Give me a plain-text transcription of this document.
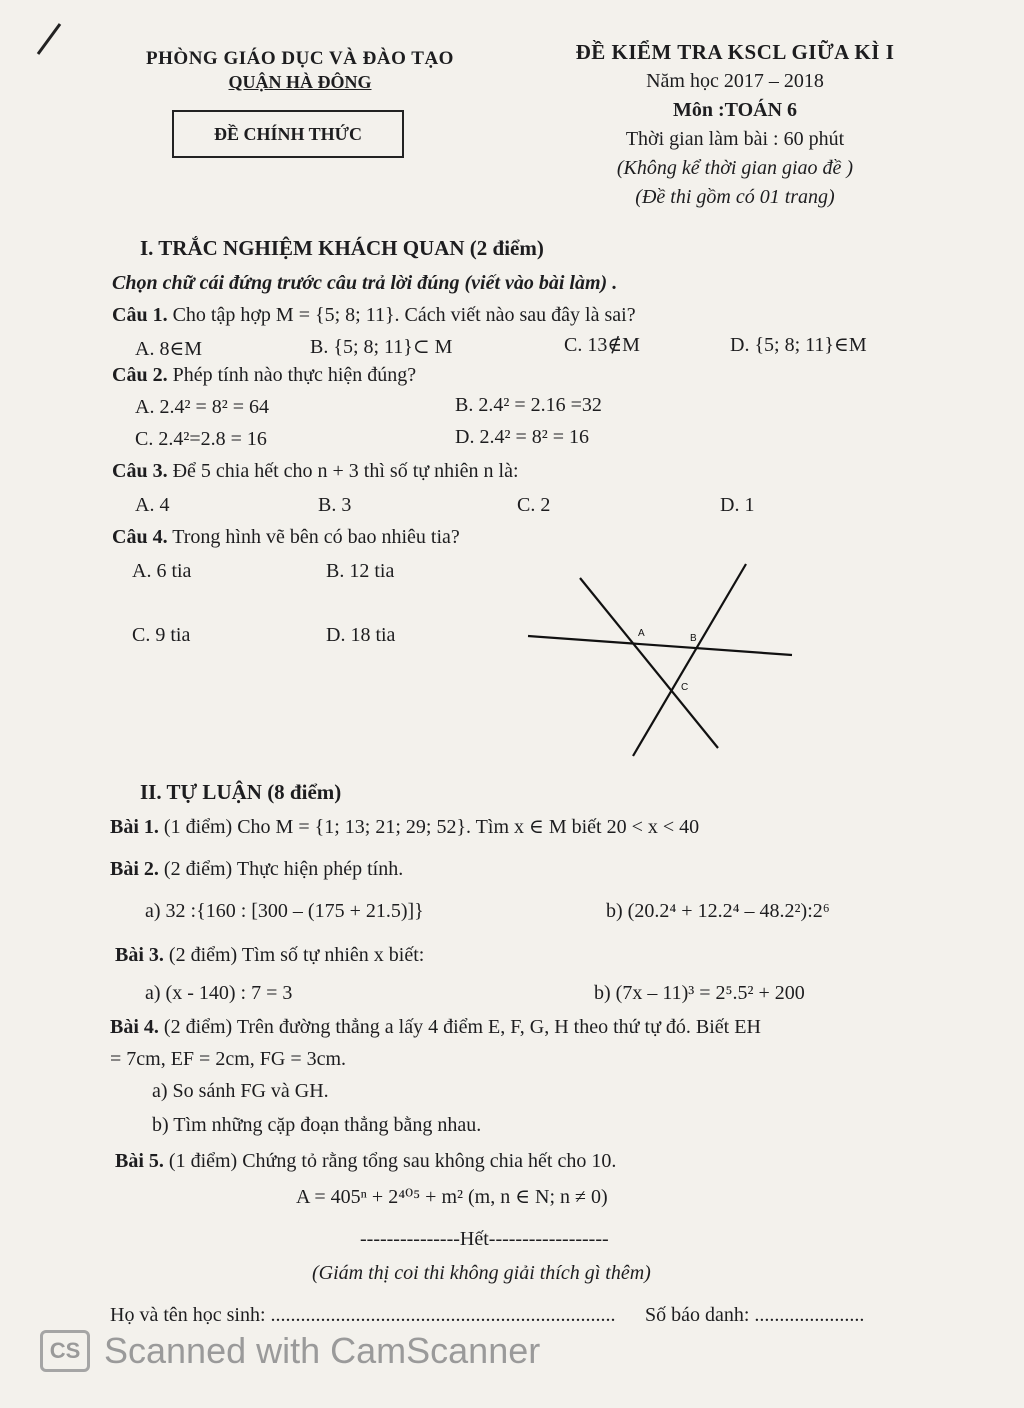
PHÒNG GIÁO DỤC VÀ ĐÀO TẠO
QUẬN HÀ ĐÔNG
ĐỀ CHÍNH THỨC
ĐỀ KIỂM TRA KSCL GIỮA KÌ I
Năm học 2017 – 2018
Môn :TOÁN 6
Thời gian làm bài : 60 phút
(Không kể thời gian giao đề )
(Đề thi gồm có 01 trang)
I. TRẮC NGHIỆM KHÁCH QUAN (2 điểm)
Chọn chữ cái đứng trước câu trả lời đúng (viết vào bài làm) .
Câu 1. Cho tập hợp M = {5; 8; 11}. Cách viết nào sau đây là sai?
A. 8∈M	B. {5; 8; 11}⊂ M	C. 13∉M	D. {5; 8; 11}∈M
Câu 2. Phép tính nào thực hiện đúng?
A. 2.4² = 8² = 64	B. 2.4² = 2.16 =32
C. 2.4²=2.8 = 16	D. 2.4² = 8² = 16
Câu 3. Để 5 chia hết cho n + 3 thì số tự nhiên n là:
A. 4	B. 3	C. 2	D. 1
Câu 4. Trong hình vẽ bên có bao nhiêu tia?
A. 6 tia	B. 12 tia
C. 9 tia	D. 18 tia	A	B
C
II. TỰ LUẬN (8 điểm)
Bài 1. (1 điểm) Cho M = {1; 13; 21; 29; 52}. Tìm x ∈ M biết 20 < x < 40
Bài 2. (2 điểm) Thực hiện phép tính.
a) 32 :{160 : [300 – (175 + 21.5)]}	b) (20.2⁴ + 12.2⁴ – 48.2²):2⁶
Bài 3. (2 điểm) Tìm số tự nhiên x biết:
a) (x - 140) : 7 = 3	b) (7x – 11)³ = 2⁵.5² + 200
Bài 4. (2 điểm) Trên đường thẳng a lấy 4 điểm E, F, G, H theo thứ tự đó. Biết EH
= 7cm, EF = 2cm, FG = 3cm.
a) So sánh FG và GH.
b) Tìm những cặp đoạn thẳng bằng nhau.
Bài 5. (1 điểm) Chứng tỏ rằng tổng sau không chia hết cho 10.
A = 405ⁿ + 2⁴⁰⁵ + m² (m, n ∈ N; n ≠ 0)
---------------Hết------------------
(Giám thị coi thi không giải thích gì thêm)
Họ và tên học sinh: ..................................................................... Số báo danh: ......................
CS Scanned with CamScanner
